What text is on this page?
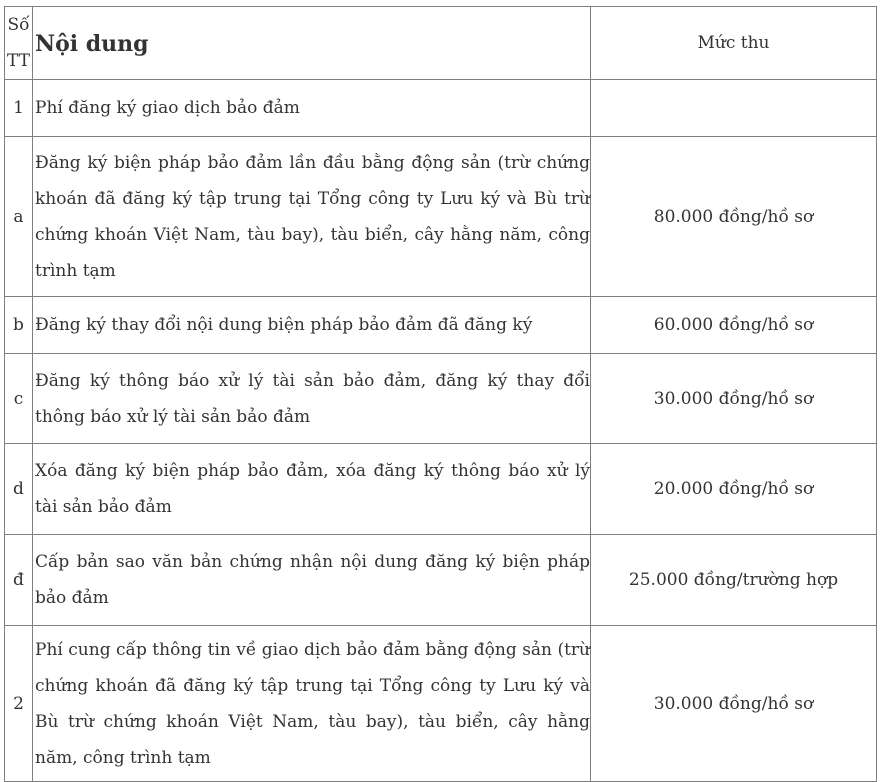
Số TT	Nội dung	Mức thu
1	Phí đăng ký giao dịch bảo đảm	
a	Đăng ký biện pháp bảo đảm lần đầu bằng động sản (trừ chứng khoán đã đăng ký tập trung tại Tổng công ty Lưu ký và Bù trừ chứng khoán Việt Nam, tàu bay), tàu biển, cây hằng năm, công trình tạm	80.000 đồng/hồ sơ
b	Đăng ký thay đổi nội dung biện pháp bảo đảm đã đăng ký	60.000 đồng/hồ sơ
c	Đăng ký thông báo xử lý tài sản bảo đảm, đăng ký thay đổi thông báo xử lý tài sản bảo đảm	30.000 đồng/hồ sơ
d	Xóa đăng ký biện pháp bảo đảm, xóa đăng ký thông báo xử lý tài sản bảo đảm	20.000 đồng/hồ sơ
đ	Cấp bản sao văn bản chứng nhận nội dung đăng ký biện pháp bảo đảm	25.000 đồng/trường hợp
2	Phí cung cấp thông tin về giao dịch bảo đảm bằng động sản (trừ chứng khoán đã đăng ký tập trung tại Tổng công ty Lưu ký và Bù trừ chứng khoán Việt Nam, tàu bay), tàu biển, cây hằng năm, công trình tạm	30.000 đồng/hồ sơ
